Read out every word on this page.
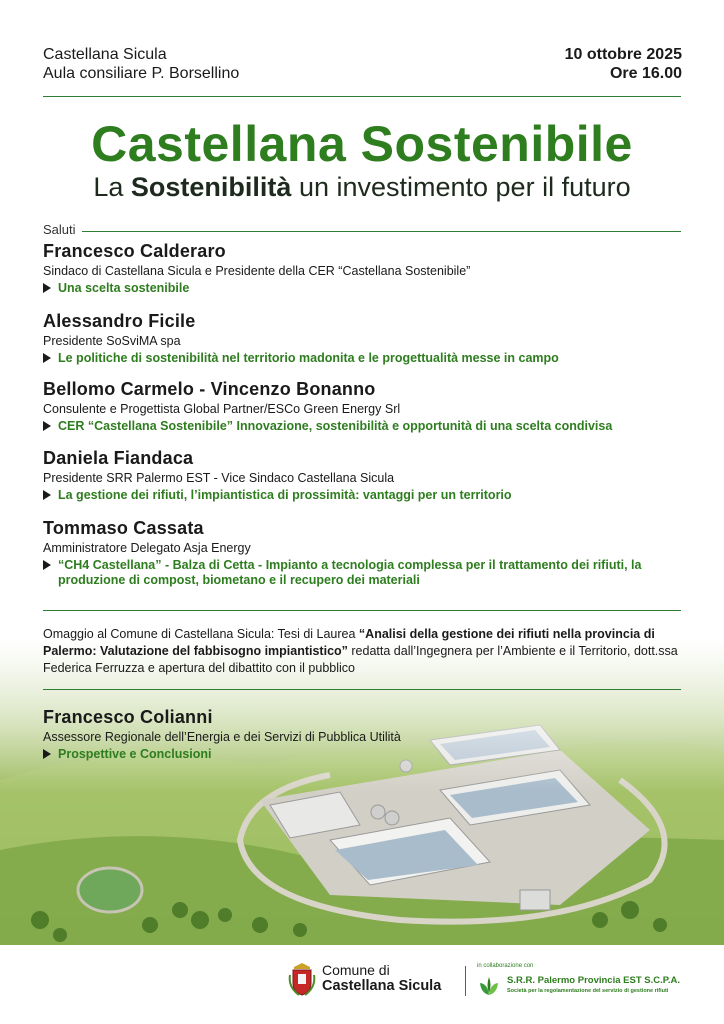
Castellana Sicula
Aula consiliare P. Borsellino
10 ottobre 2025
Ore 16.00
Castellana Sostenibile
La Sostenibilità un investimento per il futuro
Saluti
Francesco Calderaro
Sindaco di Castellana Sicula e Presidente della CER “Castellana Sostenibile”
Una scelta sostenibile
Alessandro Ficile
Presidente SoSviMA spa
Le politiche di sostenibilità nel territorio madonita e le progettualità messe in campo
Bellomo Carmelo - Vincenzo Bonanno
Consulente e Progettista Global Partner/ESCo Green Energy Srl
CER “Castellana Sostenibile” Innovazione, sostenibilità e opportunità di una scelta condivisa
Daniela Fiandaca
Presidente SRR Palermo EST - Vice Sindaco Castellana Sicula
La gestione dei rifiuti, l’impiantistica di prossimità: vantaggi per un territorio
Tommaso Cassata
Amministratore Delegato Asja Energy
“CH4 Castellana” - Balza di Cetta - Impianto a tecnologia complessa per il trattamento dei rifiuti, la produzione di compost, biometano e il recupero dei materiali
Omaggio al Comune di Castellana Sicula: Tesi di Laurea “Analisi della gestione dei rifiuti nella provincia di Palermo: Valutazione del fabbisogno impiantistico” redatta dall’Ingegnera per l’Ambiente e il Territorio, dott.ssa Federica Ferruzza e apertura del dibattito con il pubblico
Francesco Colianni
Assessore Regionale dell’Energia e dei Servizi di Pubblica Utilità
Prospettive e Conclusioni
Comune di
Castellana Sicula
in collaborazione con
S.R.R. Palermo Provincia EST S.C.P.A.
Società per la regolamentazione del servizio di gestione rifiuti
